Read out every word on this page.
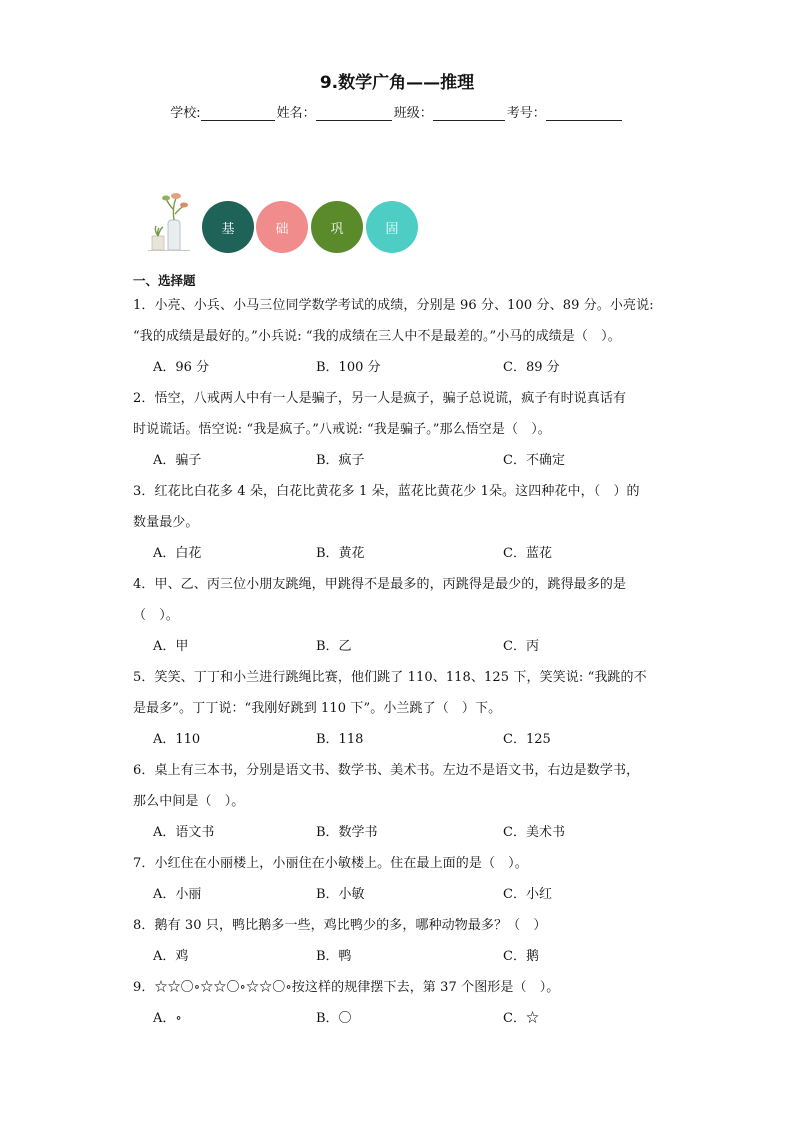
9.数学广角——推理
学校:	姓名：	班级：	考号：
基	础	巩	固
一、选择题
1．小亮、小兵、小马三位同学数学考试的成绩，分别是 96 分、100 分、89 分。小亮说:
“我的成绩是最好的。”小兵说: “我的成绩在三人中不是最差的。”小马的成绩是（　）。
A．96 分	B．100 分	C．89 分
2．悟空，八戒两人中有一人是骗子，另一人是疯子，骗子总说谎，疯子有时说真话有
时说谎话。悟空说: “我是疯子。”八戒说: “我是骗子。”那么悟空是（　）。
A．骗子	B．疯子	C．不确定
3．红花比白花多 4 朵，白花比黄花多 1 朵，蓝花比黄花少 1朵。这四种花中，（　）的
数量最少。
A．白花	B．黄花	C．蓝花
4．甲、乙、丙三位小朋友跳绳，甲跳得不是最多的，丙跳得是最少的，跳得最多的是
（　）。
A．甲	B．乙	C．丙
5．笑笑、丁丁和小兰进行跳绳比赛，他们跳了 110、118、125 下，笑笑说: “我跳的不
是最多”。丁丁说：“我刚好跳到 110 下”。小兰跳了（　）下。
A．110	B．118	C．125
6．桌上有三本书，分别是语文书、数学书、美术书。左边不是语文书，右边是数学书，
那么中间是（　）。
A．语文书	B．数学书	C．美术书
7．小红住在小丽楼上，小丽住在小敏楼上。住在最上面的是（　）。
A．小丽	B．小敏	C．小红
8．鹅有 30 只，鸭比鹅多一些，鸡比鸭少的多，哪种动物最多？（　）
A．鸡	B．鸭	C．鹅
9．☆☆〇∘☆☆〇∘☆☆〇∘按这样的规律摆下去，第 37 个图形是（　）。
A．∘	B．〇	C．☆
